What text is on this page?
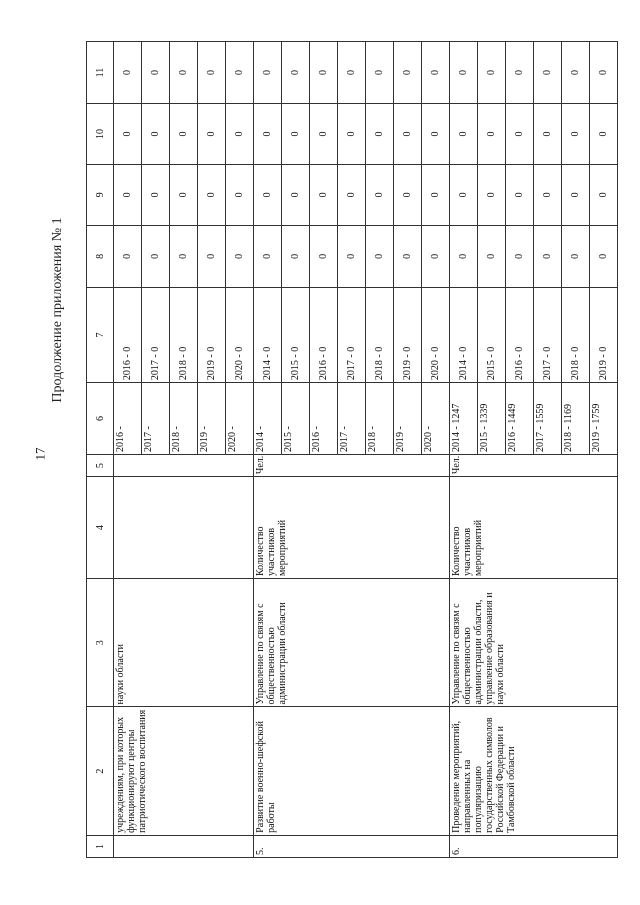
17
Продолжение приложения № 1
1	2	3	4	5	6	7	8	9	10	11
	учреждениям, при которых функционируют центры патриотического воспитания	науки области			2016 -	2016 - 0	0	0	0	0
					2017 -	2017 - 0	0	0	0	0
					2018 -	2018 - 0	0	0	0	0
					2019 -	2019 - 0	0	0	0	0
					2020 -	2020 - 0	0	0	0	0
5.	Развитие военно-шефской работы	Управление по связям с общественностью администрации области	Количество участников мероприятий	Чел.	2014 -	2014 - 0	0	0	0	0
					2015 -	2015 - 0	0	0	0	0
					2016 -	2016 - 0	0	0	0	0
					2017 -	2017 - 0	0	0	0	0
					2018 -	2018 - 0	0	0	0	0
					2019 -	2019 - 0	0	0	0	0
					2020 -	2020 - 0	0	0	0	0
6.	Проведение мероприятий, направленных на популяризацию государственных символов Российской Федерации и Тамбовской области	Управление по связям с общественностью администрации области, управление образования и науки области	Количество участников мероприятий	Чел.	2014 - 1247	2014 - 0	0	0	0	0
					2015 - 1339	2015 - 0	0	0	0	0
					2016 - 1449	2016 - 0	0	0	0	0
					2017 - 1559	2017 - 0	0	0	0	0
					2018 - 1169	2018 - 0	0	0	0	0
					2019 - 1759	2019 - 0	0	0	0	0
